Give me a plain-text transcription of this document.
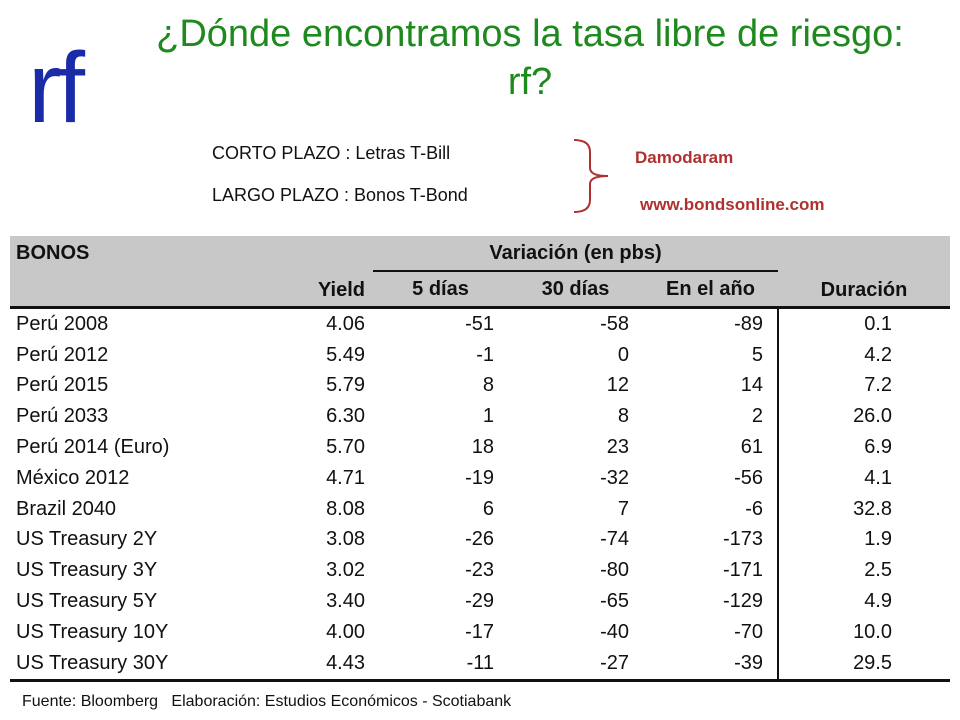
rf ¿Dónde encontramos la tasa libre de riesgo: rf?
CORTO PLAZO : Letras T-Bill
LARGO PLAZO : Bonos T-Bond
Damodaram
www.bondsonline.com
BONOS	Yield	Variación (en pbs)			Duración
		5 días	30 días	En el año	
Perú 2008	4.06	-51	-58	-89	0.1
Perú 2012	5.49	-1	0	5	4.2
Perú 2015	5.79	8	12	14	7.2
Perú 2033	6.30	1	8	2	26.0
Perú 2014 (Euro)	5.70	18	23	61	6.9
México 2012	4.71	-19	-32	-56	4.1
Brazil 2040	8.08	6	7	-6	32.8
US Treasury 2Y	3.08	-26	-74	-173	1.9
US Treasury 3Y	3.02	-23	-80	-171	2.5
US Treasury 5Y	3.40	-29	-65	-129	4.9
US Treasury 10Y	4.00	-17	-40	-70	10.0
US Treasury 30Y	4.43	-11	-27	-39	29.5
Fuente: Bloomberg   Elaboración: Estudios Económicos - Scotiabank
